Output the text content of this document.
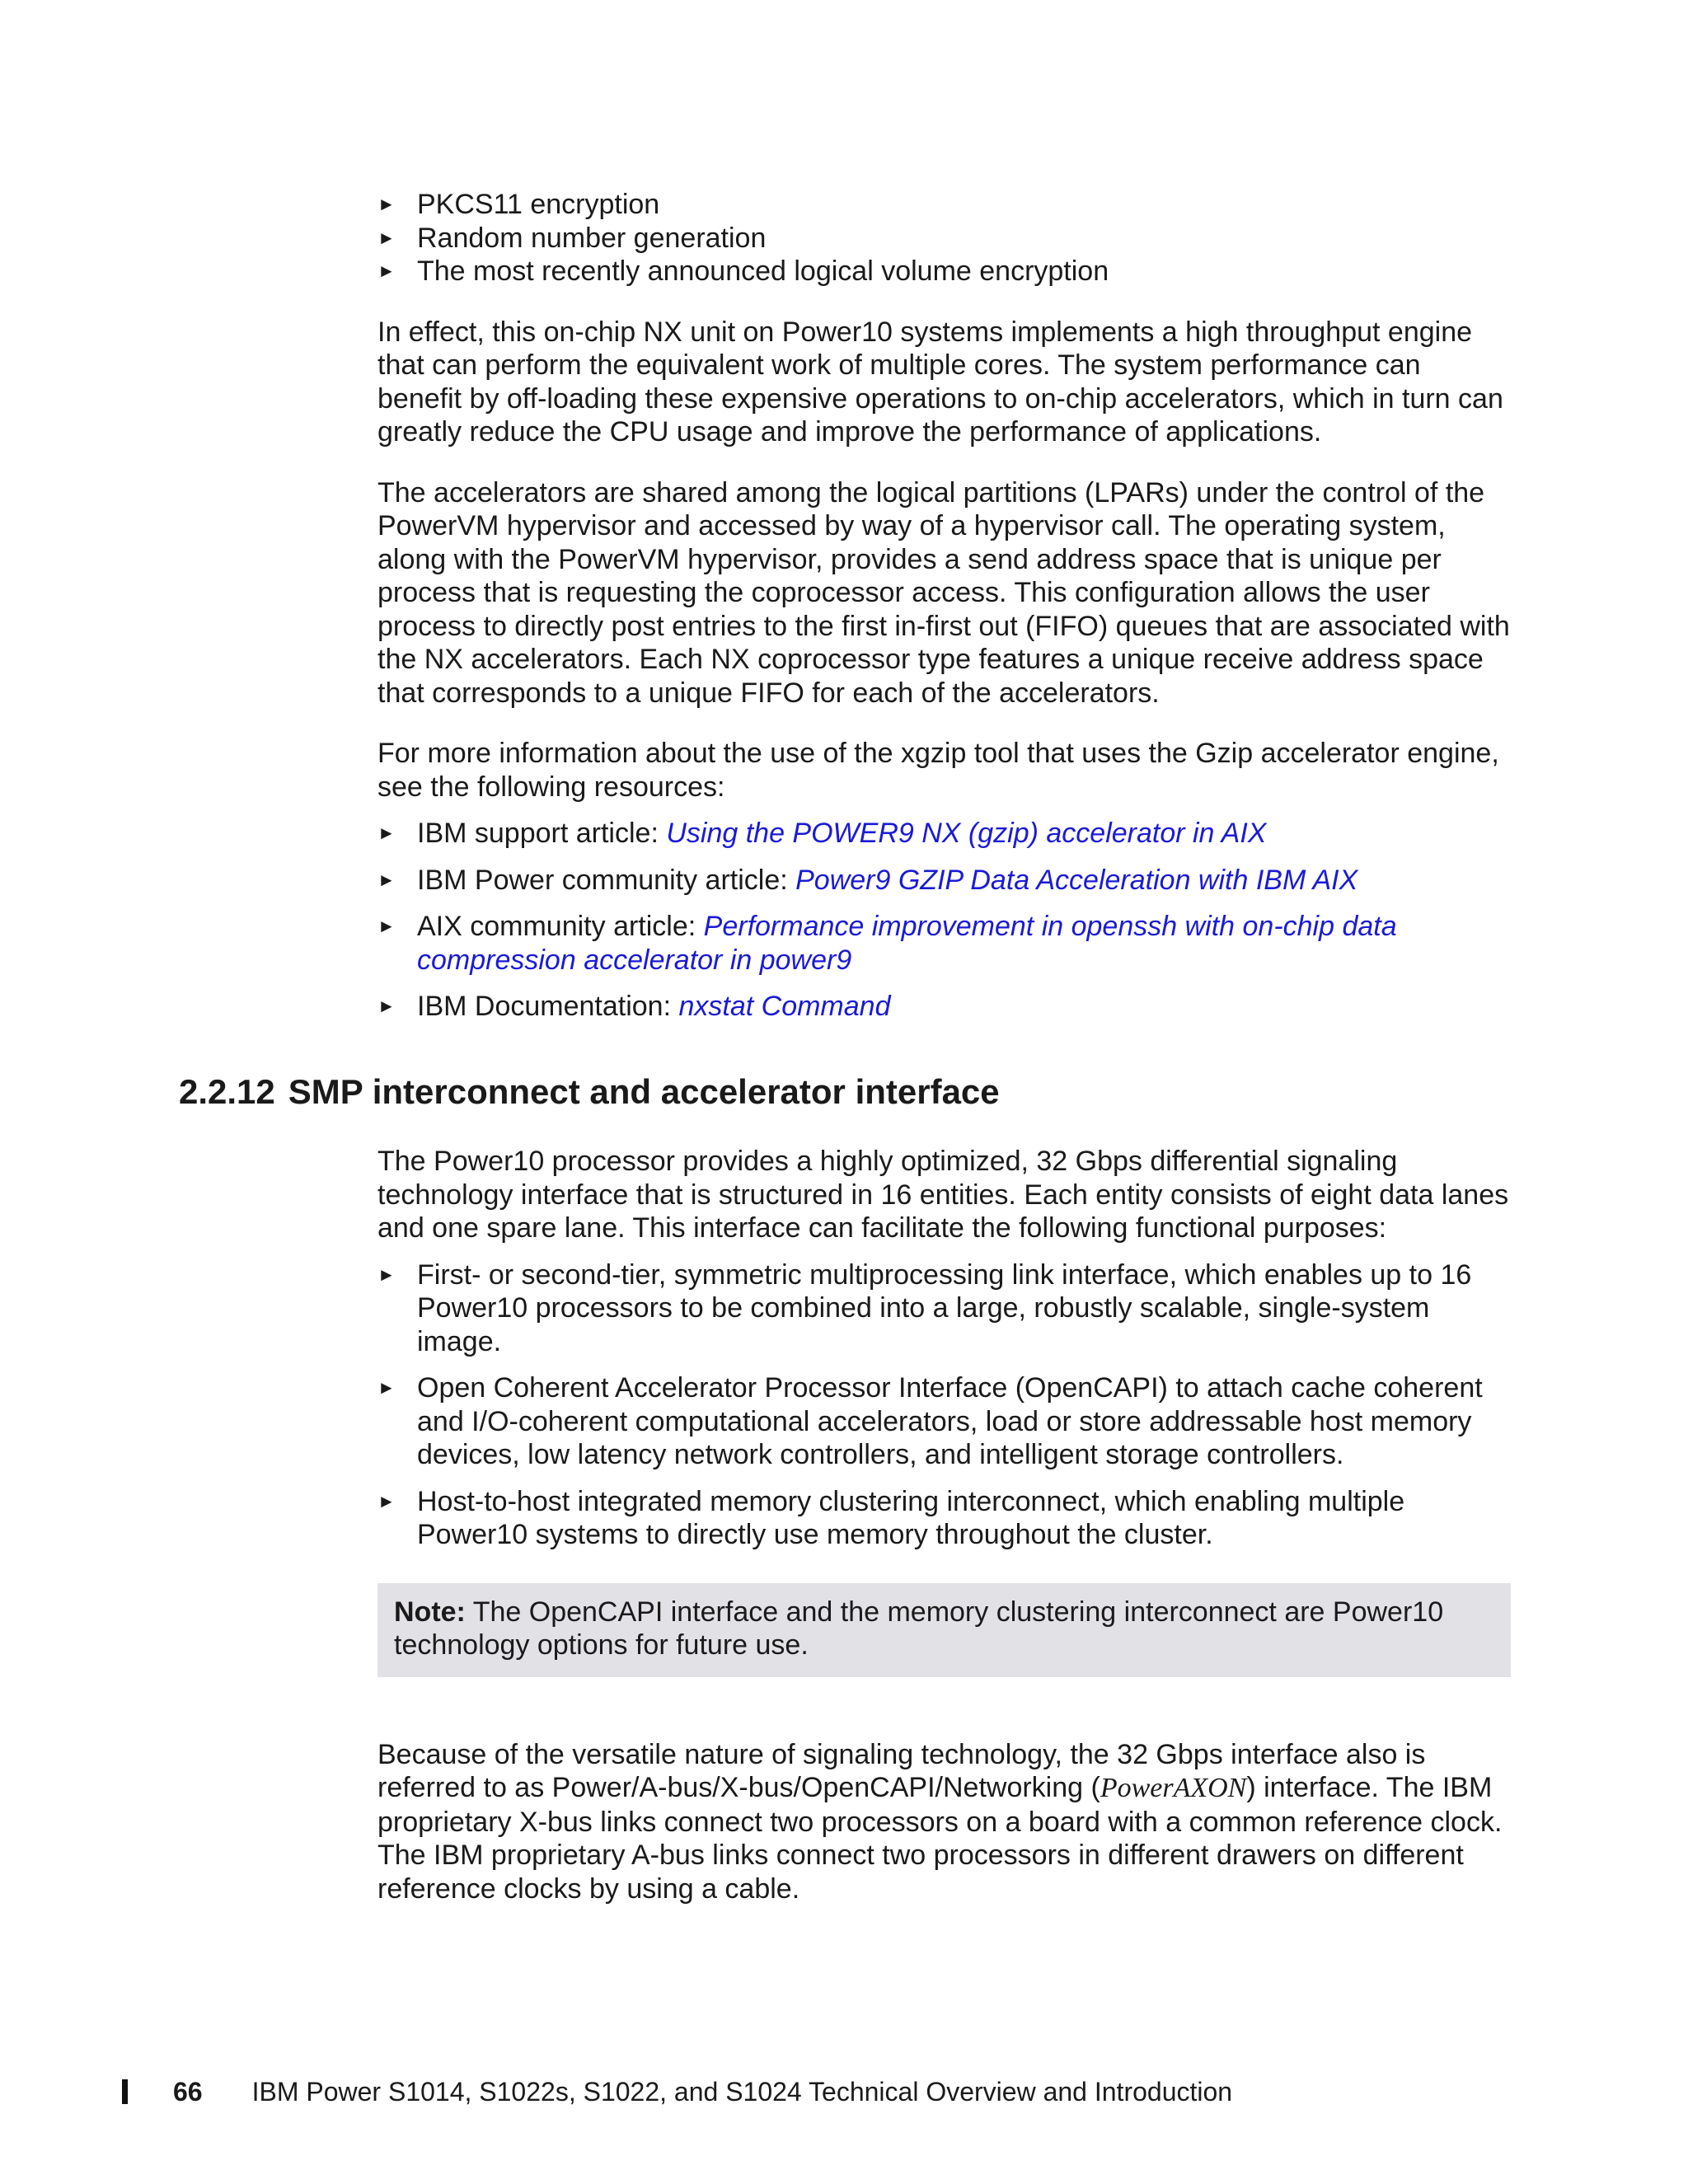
► PKCS11 encryption
► Random number generation
► The most recently announced logical volume encryption

In effect, this on-chip NX unit on Power10 systems implements a high throughput engine that can perform the equivalent work of multiple cores. The system performance can benefit by off-loading these expensive operations to on-chip accelerators, which in turn can greatly reduce the CPU usage and improve the performance of applications.

The accelerators are shared among the logical partitions (LPARs) under the control of the PowerVM hypervisor and accessed by way of a hypervisor call. The operating system, along with the PowerVM hypervisor, provides a send address space that is unique per process that is requesting the coprocessor access. This configuration allows the user process to directly post entries to the first in-first out (FIFO) queues that are associated with the NX accelerators. Each NX coprocessor type features a unique receive address space that corresponds to a unique FIFO for each of the accelerators.

For more information about the use of the xgzip tool that uses the Gzip accelerator engine, see the following resources:

► IBM support article: Using the POWER9 NX (gzip) accelerator in AIX
► IBM Power community article: Power9 GZIP Data Acceleration with IBM AIX
► AIX community article: Performance improvement in openssh with on-chip data compression accelerator in power9
► IBM Documentation: nxstat Command
2.2.12 SMP interconnect and accelerator interface

The Power10 processor provides a highly optimized, 32 Gbps differential signaling technology interface that is structured in 16 entities. Each entity consists of eight data lanes and one spare lane. This interface can facilitate the following functional purposes:

► First- or second-tier, symmetric multiprocessing link interface, which enables up to 16 Power10 processors to be combined into a large, robustly scalable, single-system image.
► Open Coherent Accelerator Processor Interface (OpenCAPI) to attach cache coherent and I/O-coherent computational accelerators, load or store addressable host memory devices, low latency network controllers, and intelligent storage controllers.
► Host-to-host integrated memory clustering interconnect, which enabling multiple Power10 systems to directly use memory throughout the cluster.
Note: The OpenCAPI interface and the memory clustering interconnect are Power10 technology options for future use.

Because of the versatile nature of signaling technology, the 32 Gbps interface also is referred to as Power/A-bus/X-bus/OpenCAPI/Networking (PowerAXON) interface. The IBM proprietary X-bus links connect two processors on a board with a common reference clock. The IBM proprietary A-bus links connect two processors in different drawers on different reference clocks by using a cable.

66 IBM Power S1014, S1022s, S1022, and S1024 Technical Overview and Introduction
